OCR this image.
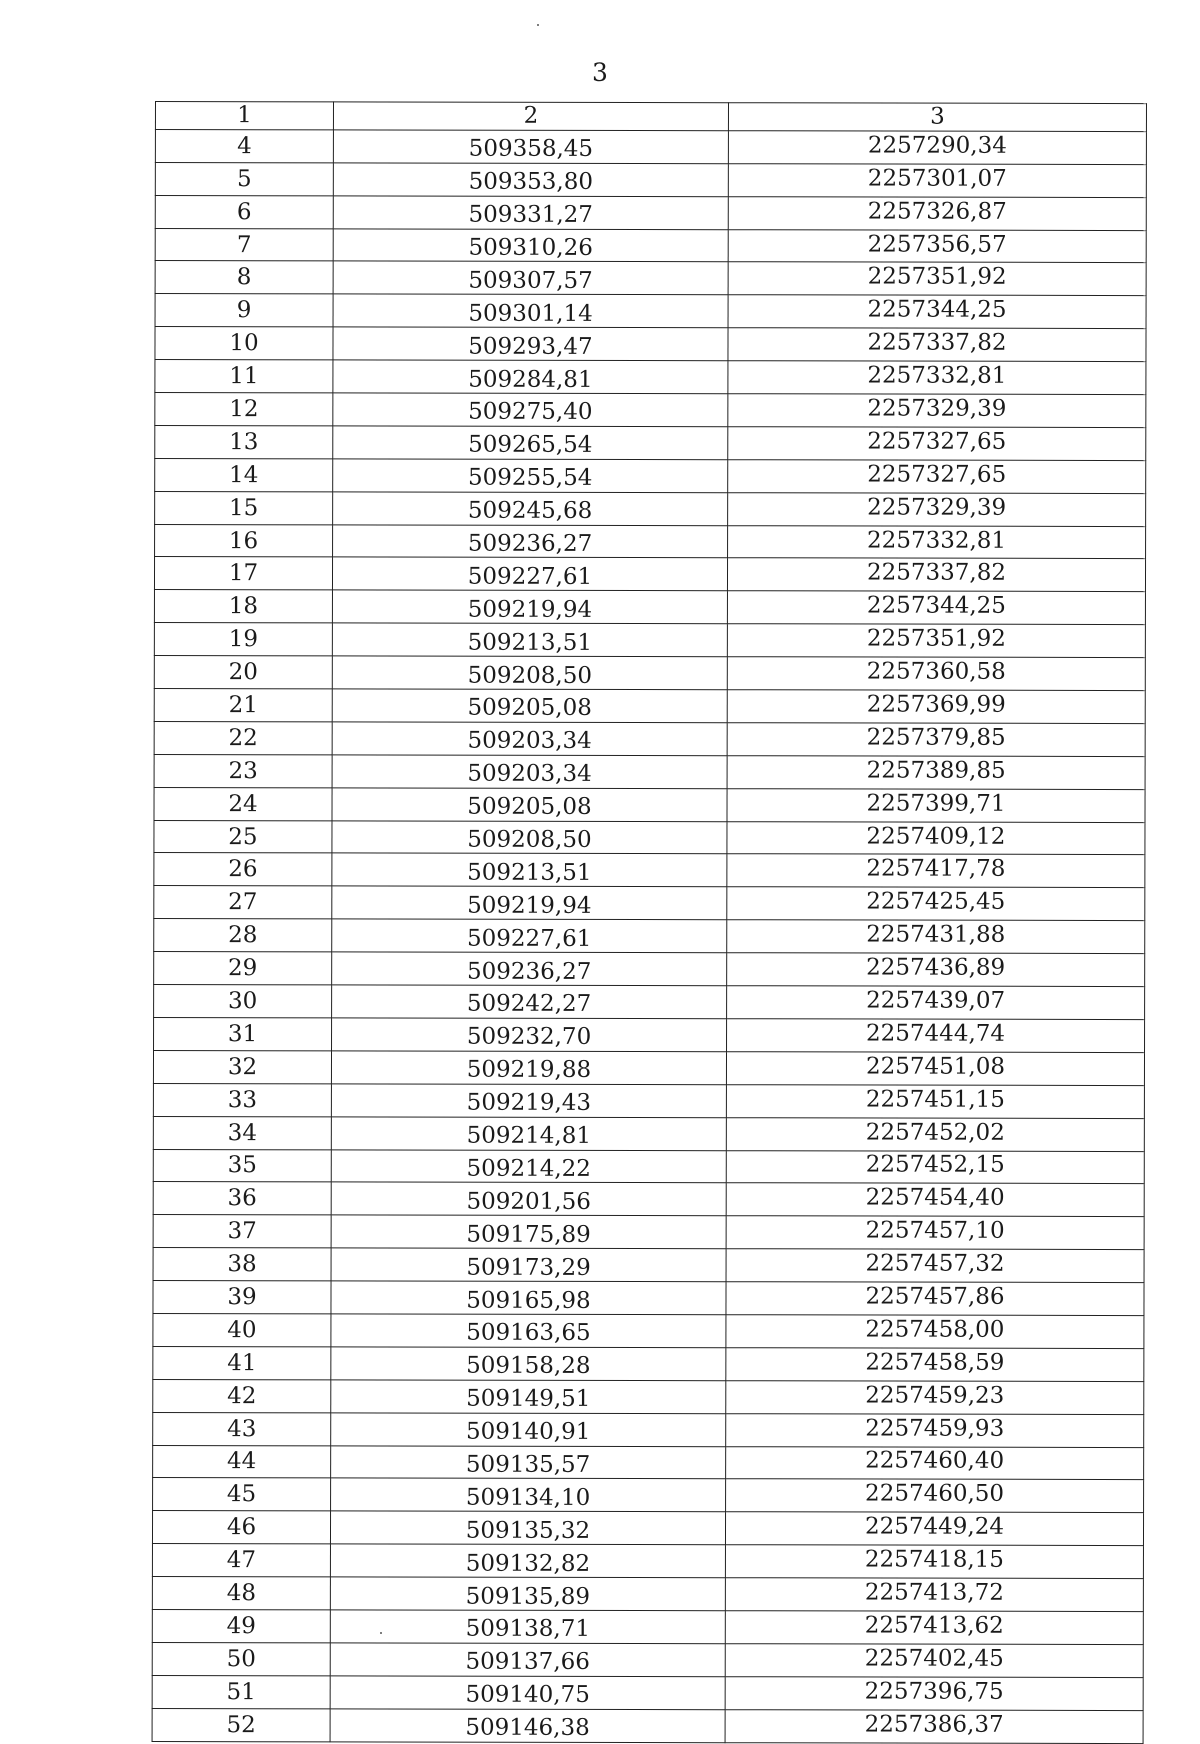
3
1	2	3
4	509358,45	2257290,34
5	509353,80	2257301,07
6	509331,27	2257326,87
7	509310,26	2257356,57
8	509307,57	2257351,92
9	509301,14	2257344,25
10	509293,47	2257337,82
11	509284,81	2257332,81
12	509275,40	2257329,39
13	509265,54	2257327,65
14	509255,54	2257327,65
15	509245,68	2257329,39
16	509236,27	2257332,81
17	509227,61	2257337,82
18	509219,94	2257344,25
19	509213,51	2257351,92
20	509208,50	2257360,58
21	509205,08	2257369,99
22	509203,34	2257379,85
23	509203,34	2257389,85
24	509205,08	2257399,71
25	509208,50	2257409,12
26	509213,51	2257417,78
27	509219,94	2257425,45
28	509227,61	2257431,88
29	509236,27	2257436,89
30	509242,27	2257439,07
31	509232,70	2257444,74
32	509219,88	2257451,08
33	509219,43	2257451,15
34	509214,81	2257452,02
35	509214,22	2257452,15
36	509201,56	2257454,40
37	509175,89	2257457,10
38	509173,29	2257457,32
39	509165,98	2257457,86
40	509163,65	2257458,00
41	509158,28	2257458,59
42	509149,51	2257459,23
43	509140,91	2257459,93
44	509135,57	2257460,40
45	509134,10	2257460,50
46	509135,32	2257449,24
47	509132,82	2257418,15
48	509135,89	2257413,72
49	509138,71	2257413,62
50	509137,66	2257402,45
51	509140,75	2257396,75
52	509146,38	2257386,37
